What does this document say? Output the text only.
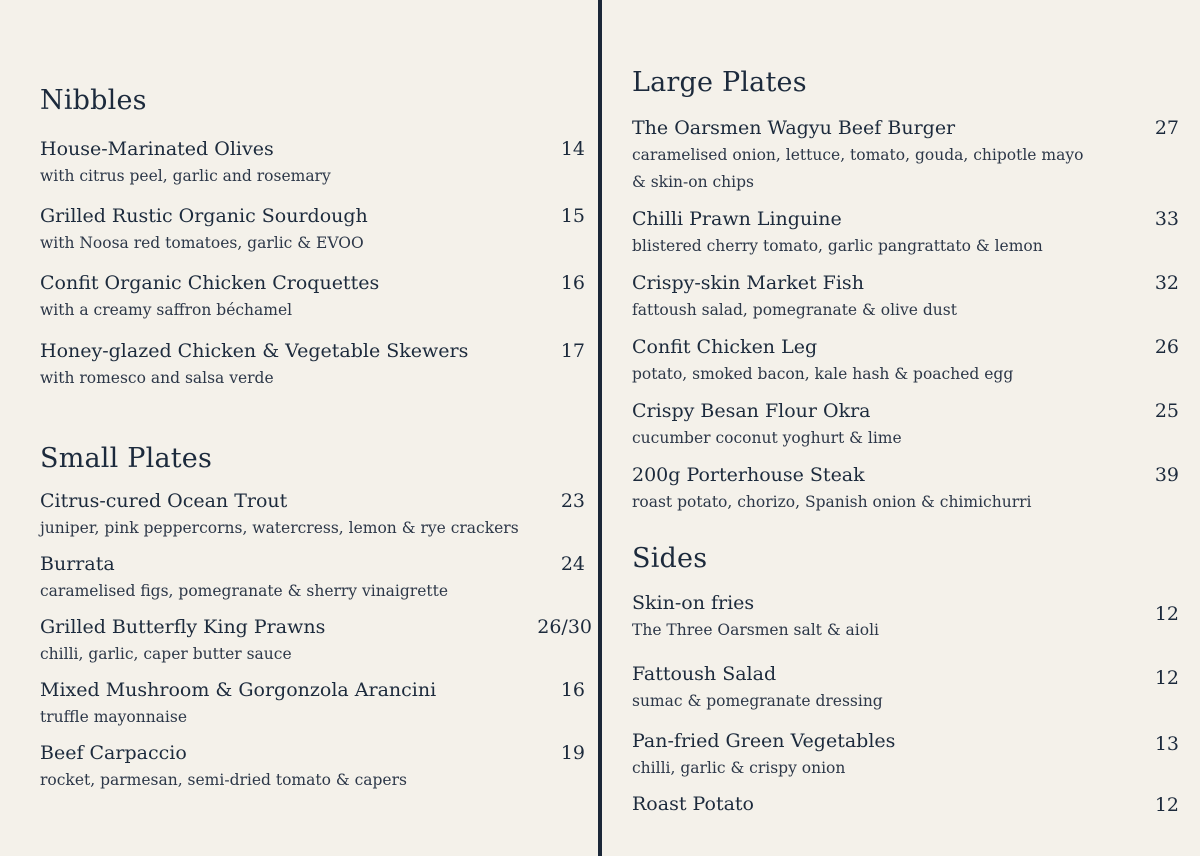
Nibbles
House-Marinated Olives
with citrus peel, garlic and rosemary
14
Grilled Rustic Organic Sourdough
with Noosa red tomatoes, garlic & EVOO
15
Confit Organic Chicken Croquettes
with a creamy saffron béchamel
16
Honey-glazed Chicken & Vegetable Skewers
with romesco and salsa verde
17
Small Plates
Citrus-cured Ocean Trout
juniper, pink peppercorns, watercress, lemon & rye crackers
23
Burrata
caramelised figs, pomegranate & sherry vinaigrette
24
Grilled Butterfly King Prawns
chilli, garlic, caper butter sauce
26/30
Mixed Mushroom & Gorgonzola Arancini
truffle mayonnaise
16
Beef Carpaccio
rocket, parmesan, semi-dried tomato & capers
19
Large Plates
The Oarsmen Wagyu Beef Burger
caramelised onion, lettuce, tomato, gouda, chipotle mayo & skin-on chips
27
Chilli Prawn Linguine
blistered cherry tomato, garlic pangrattato & lemon
33
Crispy-skin Market Fish
fattoush salad, pomegranate & olive dust
32
Confit Chicken Leg
potato, smoked bacon, kale hash & poached egg
26
Crispy Besan Flour Okra
cucumber coconut yoghurt & lime
25
200g Porterhouse Steak
roast potato, chorizo, Spanish onion & chimichurri
39
Sides
Skin-on fries
The Three Oarsmen salt & aioli
12
Fattoush Salad
sumac & pomegranate dressing
12
Pan-fried Green Vegetables
chilli, garlic & crispy onion
13
Roast Potato	12
